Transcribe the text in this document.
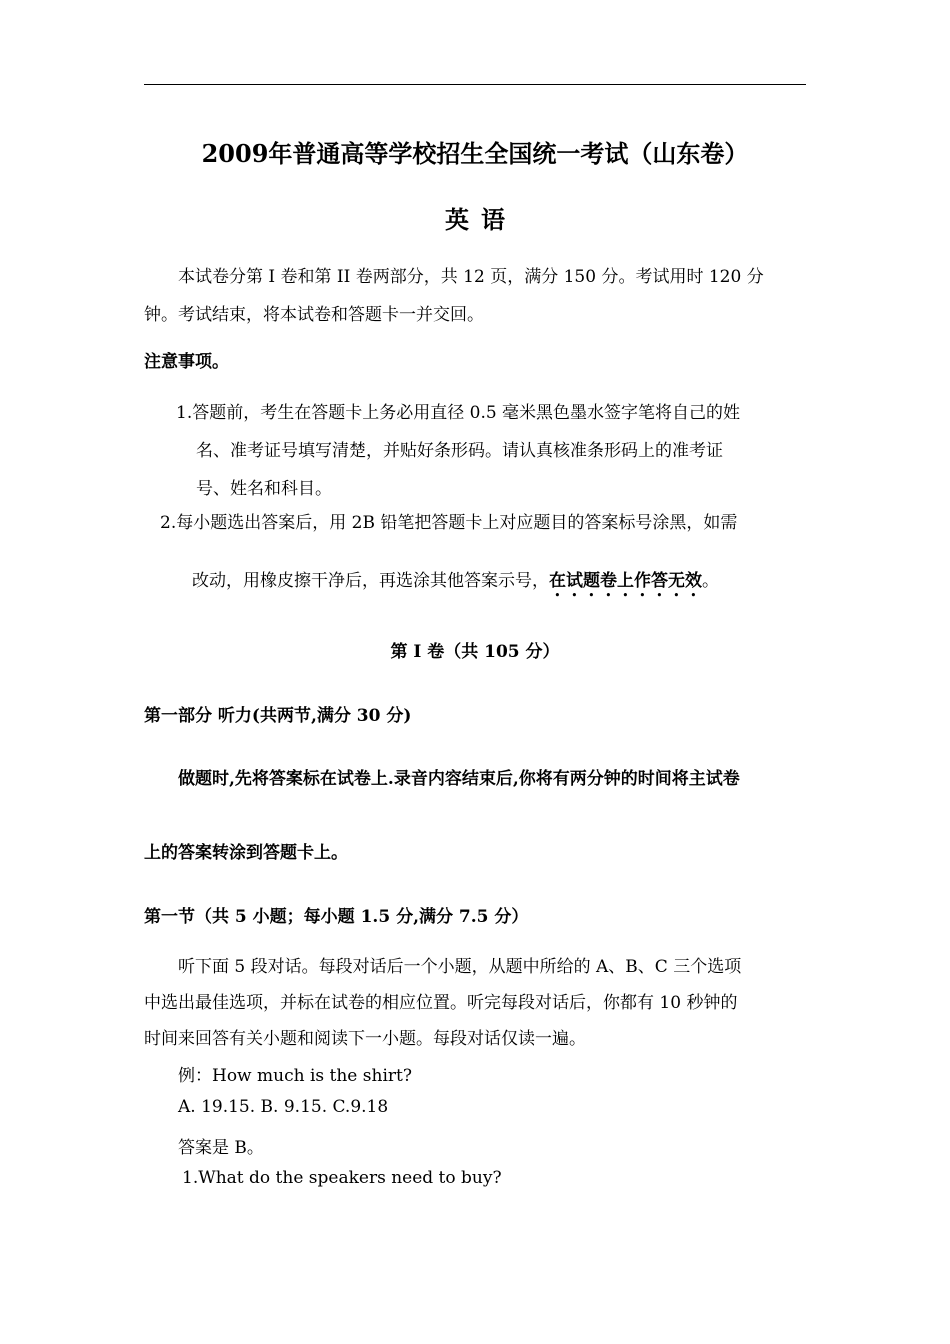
2009年普通高等学校招生全国统一考试（山东卷）
英语
本试卷分第 I 卷和第 II 卷两部分，共 12 页，满分 150 分。考试用时 120 分
钟。考试结束，将本试卷和答题卡一并交回。
注意事项。
1.答题前，考生在答题卡上务必用直径 0.5 毫米黑色墨水签字笔将自己的姓
名、准考证号填写清楚，并贴好条形码。请认真核准条形码上的准考证
号、姓名和科目。
2.每小题选出答案后，用 2B 铅笔把答题卡上对应题目的答案标号涂黑，如需
改动，用橡皮擦干净后，再选涂其他答案示号，在试题卷上作答无效。
第 I 卷（共 105 分）
第一部分 听力(共两节,满分 30 分)
做题时,先将答案标在试卷上.录音内容结束后,你将有两分钟的时间将主试卷
上的答案转涂到答题卡上。
第一节（共 5 小题；每小题 1.5 分,满分 7.5 分）
听下面 5 段对话。每段对话后一个小题，从题中所给的 A、B、C 三个选项
中选出最佳选项，并标在试卷的相应位置。听完每段对话后，你都有 10 秒钟的
时间来回答有关小题和阅读下一小题。每段对话仅读一遍。
例：How much is the shirt?
A. 19.15. B. 9.15. C.9.18
答案是 B。
1.What do the speakers need to buy?
